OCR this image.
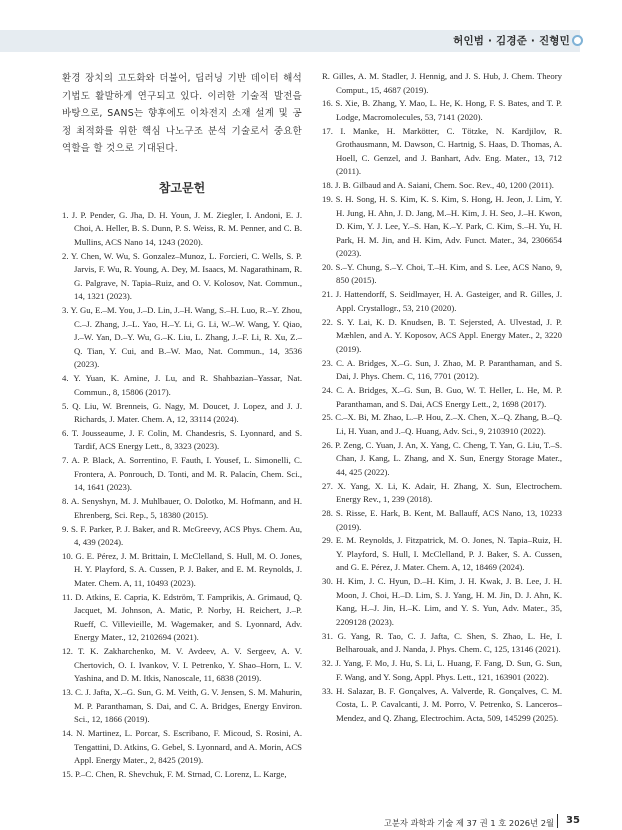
허인범 · 김경준 · 진형민

환경 장치의 고도화와 더불어, 딥러닝 기반 데이터 해석 기법도 활발하게 연구되고 있다. 이러한 기술적 발전을 바탕으로, SANS는 향후에도 이차전지 소재 설계 및 공정 최적화를 위한 핵심 나노구조 분석 기술로서 중요한 역할을 할 것으로 기대된다.

참고문헌
1. J. P. Pender, G. Jha, D. H. Youn, J. M. Ziegler, I. Andoni, E. J. Choi, A. Heller, B. S. Dunn, P. S. Weiss, R. M. Penner, and C. B. Mullins, ACS Nano 14, 1243 (2020).
2. Y. Chen, W. Wu, S. Gonzalez–Munoz, L. Forcieri, C. Wells, S. P. Jarvis, F. Wu, R. Young, A. Dey, M. Isaacs, M. Nagarathinam, R. G. Palgrave, N. Tapia–Ruiz, and O. V. Kolosov, Nat. Commun., 14, 1321 (2023).
3. Y. Gu, E.–M. You, J.–D. Lin, J.–H. Wang, S.–H. Luo, R.–Y. Zhou, C.–J. Zhang, J.–L. Yao, H.–Y. Li, G. Li, W.–W. Wang, Y. Qiao, J.–W. Yan, D.–Y. Wu, G.–K. Liu, L. Zhang, J.–F. Li, R. Xu, Z.–Q. Tian, Y. Cui, and B.–W. Mao, Nat. Commun., 14, 3536 (2023).
4. Y. Yuan, K. Amine, J. Lu, and R. Shahbazian–Yassar, Nat. Commun., 8, 15806 (2017).
5. Q. Liu, W. Brenneis, G. Nagy, M. Doucet, J. Lopez, and J. J. Richards, J. Mater. Chem. A, 12, 33114 (2024).
6. T. Jousseaume, J. F. Colin, M. Chandesris, S. Lyonnard, and S. Tardif, ACS Energy Lett., 8, 3323 (2023).
7. A. P. Black, A. Sorrentino, F. Fauth, I. Yousef, L. Simonelli, C. Frontera, A. Ponrouch, D. Tonti, and M. R. Palacín, Chem. Sci., 14, 1641 (2023).
8. A. Senyshyn, M. J. Muhlbauer, O. Dolotko, M. Hofmann, and H. Ehrenberg, Sci. Rep., 5, 18380 (2015).
9. S. F. Parker, P. J. Baker, and R. McGreevy, ACS Phys. Chem. Au, 4, 439 (2024).
10. G. E. Pérez, J. M. Brittain, I. McClelland, S. Hull, M. O. Jones, H. Y. Playford, S. A. Cussen, P. J. Baker, and E. M. Reynolds, J. Mater. Chem. A, 11, 10493 (2023).
11. D. Atkins, E. Capria, K. Edström, T. Famprikis, A. Grimaud, Q. Jacquet, M. Johnson, A. Matic, P. Norby, H. Reichert, J.–P. Rueff, C. Villevieille, M. Wagemaker, and S. Lyonnard, Adv. Energy Mater., 12, 2102694 (2021).
12. T. K. Zakharchenko, M. V. Avdeev, A. V. Sergeev, A. V. Chertovich, O. I. Ivankov, V. I. Petrenko, Y. Shao–Horn, L. V. Yashina, and D. M. Itkis, Nanoscale, 11, 6838 (2019).
13. C. J. Jafta, X.–G. Sun, G. M. Veith, G. V. Jensen, S. M. Mahurin, M. P. Paranthaman, S. Dai, and C. A. Bridges, Energy Environ. Sci., 12, 1866 (2019).
14. N. Martinez, L. Porcar, S. Escribano, F. Micoud, S. Rosini, A. Tengattini, D. Atkins, G. Gebel, S. Lyonnard, and A. Morin, ACS Appl. Energy Mater., 2, 8425 (2019).
15. P.–C. Chen, R. Shevchuk, F. M. Strnad, C. Lorenz, L. Karge,
R. Gilles, A. M. Stadler, J. Hennig, and J. S. Hub, J. Chem. Theory Comput., 15, 4687 (2019).
16. S. Xie, B. Zhang, Y. Mao, L. He, K. Hong, F. S. Bates, and T. P. Lodge, Macromolecules, 53, 7141 (2020).
17. I. Manke, H. Markötter, C. Tötzke, N. Kardjilov, R. Grothausmann, M. Dawson, C. Hartnig, S. Haas, D. Thomas, A. Hoell, C. Genzel, and J. Banhart, Adv. Eng. Mater., 13, 712 (2011).
18. J. B. Gilbaud and A. Saiani, Chem. Soc. Rev., 40, 1200 (2011).
19. S. H. Song, H. S. Kim, K. S. Kim, S. Hong, H. Jeon, J. Lim, Y. H. Jung, H. Ahn, J. D. Jang, M.–H. Kim, J. H. Seo, J.–H. Kwon, D. Kim, Y. J. Lee, Y.–S. Han, K.–Y. Park, C. Kim, S.–H. Yu, H. Park, H. M. Jin, and H. Kim, Adv. Funct. Mater., 34, 2306654 (2023).
20. S.–Y. Chung, S.–Y. Choi, T.–H. Kim, and S. Lee, ACS Nano, 9, 850 (2015).
21. J. Hattendorff, S. Seidlmayer, H. A. Gasteiger, and R. Gilles, J. Appl. Crystallogr., 53, 210 (2020).
22. S. Y. Lai, K. D. Knudsen, B. T. Sejersted, A. Ulvestad, J. P. Mæhlen, and A. Y. Koposov, ACS Appl. Energy Mater., 2, 3220 (2019).
23. C. A. Bridges, X.–G. Sun, J. Zhao, M. P. Paranthaman, and S. Dai, J. Phys. Chem. C, 116, 7701 (2012).
24. C. A. Bridges, X.–G. Sun, B. Guo, W. T. Heller, L. He, M. P. Paranthaman, and S. Dai, ACS Energy Lett., 2, 1698 (2017).
25. C.–X. Bi, M. Zhao, L.–P. Hou, Z.–X. Chen, X.–Q. Zhang, B.–Q. Li, H. Yuan, and J.–Q. Huang, Adv. Sci., 9, 2103910 (2022).
26. P. Zeng, C. Yuan, J. An, X. Yang, C. Cheng, T. Yan, G. Liu, T.–S. Chan, J. Kang, L. Zhang, and X. Sun, Energy Storage Mater., 44, 425 (2022).
27. X. Yang, X. Li, K. Adair, H. Zhang, X. Sun, Electrochem. Energy Rev., 1, 239 (2018).
28. S. Risse, E. Hark, B. Kent, M. Ballauff, ACS Nano, 13, 10233 (2019).
29. E. M. Reynolds, J. Fitzpatrick, M. O. Jones, N. Tapia–Ruiz, H. Y. Playford, S. Hull, I. McClelland, P. J. Baker, S. A. Cussen, and G. E. Pérez, J. Mater. Chem. A, 12, 18469 (2024).
30. H. Kim, J. C. Hyun, D.–H. Kim, J. H. Kwak, J. B. Lee, J. H. Moon, J. Choi, H.–D. Lim, S. J. Yang, H. M. Jin, D. J. Ahn, K. Kang, H.–J. Jin, H.–K. Lim, and Y. S. Yun, Adv. Mater., 35, 2209128 (2023).
31. G. Yang, R. Tao, C. J. Jafta, C. Shen, S. Zhao, L. He, I. Belharouak, and J. Nanda, J. Phys. Chem. C, 125, 13146 (2021).
32. J. Yang, F. Mo, J. Hu, S. Li, L. Huang, F. Fang, D. Sun, G. Sun, F. Wang, and Y. Song, Appl. Phys. Lett., 121, 163901 (2022).
33. H. Salazar, B. F. Gonçalves, A. Valverde, R. Gonçalves, C. M. Costa, L. P. Cavalcanti, J. M. Porro, V. Petrenko, S. Lanceros–Mendez, and Q. Zhang, Electrochim. Acta, 509, 145299 (2025).
고분자 과학과 기술 제 37 권 1 호 2026년 2월 35
